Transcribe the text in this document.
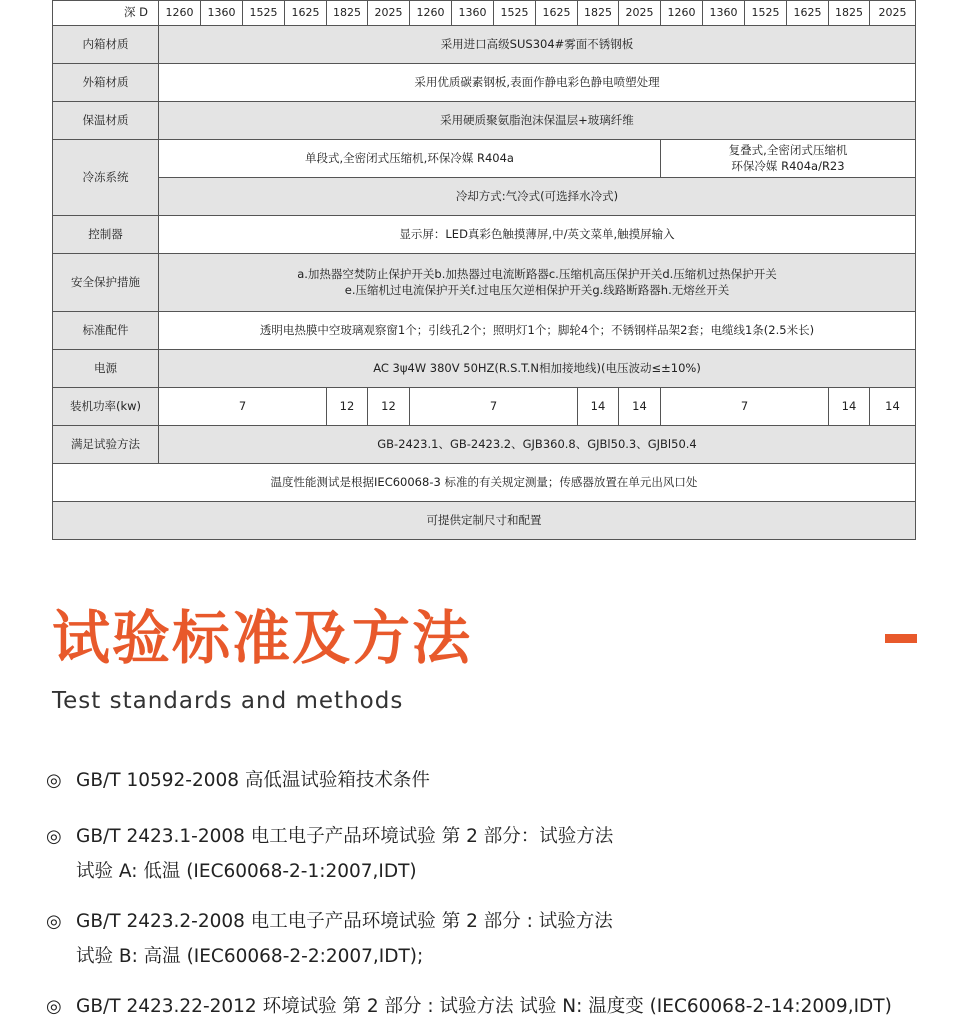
深 D	1260	1360	1525	1625	1825	2025	1260	1360	1525	1625	1825	2025	1260	1360	1525	1625	1825	2025
内箱材质	采用进口高级SUS304#雾面不锈钢板																	
外箱材质	采用优质碳素钢板,表面作静电彩色静电喷塑处理																	
保温材质	采用硬质聚氨脂泡沫保温层+玻璃纤维																	
冷冻系统	单段式,全密闭式压缩机,环保冷媒 R404a												复叠式,全密闭式压缩机
环保冷媒 R404a/R23					
	冷却方式:气冷式(可选择水冷式)																	
控制器	显示屏：LED真彩色触摸薄屏,中/英文菜单,触摸屏输入																	
安全保护措施	a.加热器空焚防止保护开关b.加热器过电流断路器c.压缩机高压保护开关d.压缩机过热保护开关
e.压缩机过电流保护开关f.过电压欠逆相保护开关g.线路断路器h.无熔丝开关																	
标准配件	透明电热膜中空玻璃观察窗1个；引线孔2个；照明灯1个；脚轮4个；不锈钢样品架2套；电缆线1条(2.5米长)																	
电源	AC 3ψ4W 380V 50HZ(R.S.T.N相加接地线)(电压波动≤±10%)																	
装机功率(kw)	7				12	12	7				14	14	7				14	14
满足试验方法	GB-2423.1、GB-2423.2、GJB360.8、GJBl50.3、GJBl50.4																	
温度性能测试是根据IEC60068-3 标准的有关规定测量；传感器放置在单元出风口处																		
可提供定制尺寸和配置																		
试验标准及方法
Test standards and methods
◎ GB/T 10592-2008 高低温试验箱技术条件
◎ GB/T 2423.1-2008 电工电子产品环境试验 第 2 部分：试验方法
试验 A: 低温 (IEC60068-2-1:2007,IDT)
◎ GB/T 2423.2-2008 电工电子产品环境试验 第 2 部分 : 试验方法
试验 B: 高温 (IEC60068-2-2:2007,IDT);
◎ GB/T 2423.22-2012 环境试验 第 2 部分 : 试验方法 试验 N: 温度变 (IEC60068-2-14:2009,IDT)
